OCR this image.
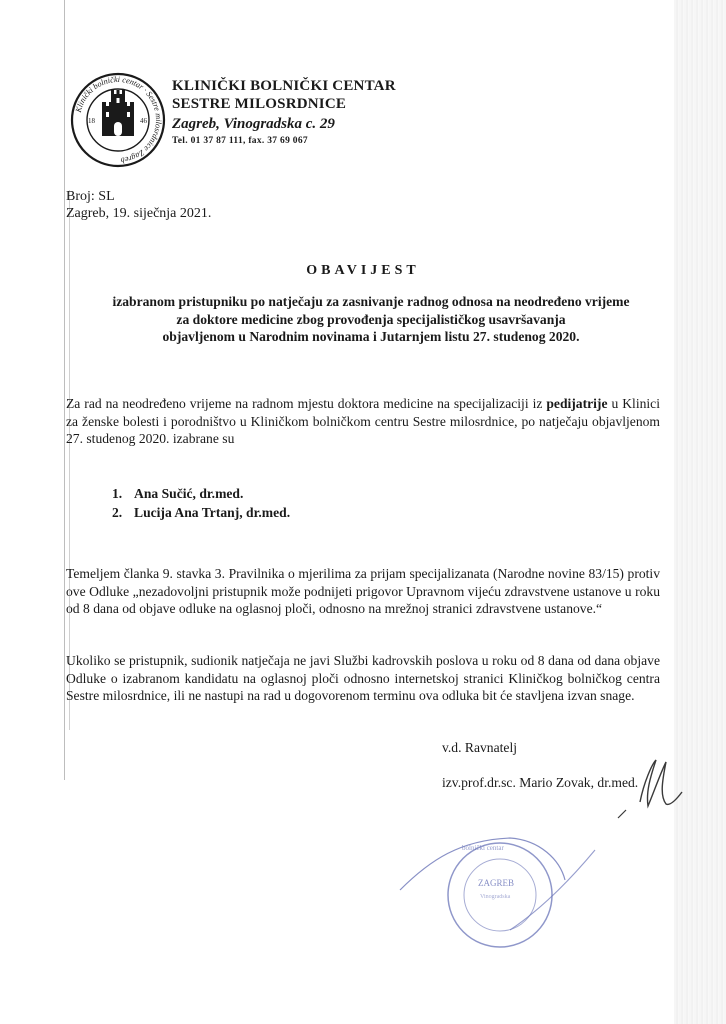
Klinički bolnički centar · Sestre milosrdnice Zagreb
18	46
KLINIČKI BOLNIČKI CENTAR
SESTRE MILOSRDNICE
Zagreb, Vinogradska c. 29
Tel. 01 37 87 111, fax. 37 69 067
Broj: SL
Zagreb, 19. siječnja 2021.
OBAVIJEST
izabranom pristupniku po natječaju za zasnivanje radnog odnosa na neodređeno vrijeme
za doktore medicine zbog provođenja specijalističkog usavršavanja
objavljenom u Narodnim novinama i Jutarnjem listu 27. studenog 2020.
Za rad na neodređeno vrijeme na radnom mjestu doktora medicine na specijalizaciji iz pedijatrije u Klinici za ženske bolesti i porodništvo u Kliničkom bolničkom centru Sestre milosrdnice, po natječaju objavljenom 27. studenog 2020. izabrane su
1. Ana Sučić, dr.med.
2. Lucija Ana Trtanj, dr.med.
Temeljem članka 9. stavka 3. Pravilnika o mjerilima za prijam specijalizanata (Narodne novine 83/15) protiv ove Odluke „nezadovoljni pristupnik može podnijeti prigovor Upravnom vijeću zdravstvene ustanove u roku od 8 dana od objave odluke na oglasnoj ploči, odnosno na mrežnoj stranici zdravstvene ustanove.“
Ukoliko se pristupnik, sudionik natječaja ne javi Službi kadrovskih poslova u roku od 8 dana od dana objave Odluke o izabranom kandidatu na oglasnoj ploči odnosno internetskoj stranici Kliničkog bolničkog centra Sestre milosrdnice, ili ne nastupi na rad u dogovorenom terminu ova odluka bit će stavljena izvan snage.
v.d. Ravnatelj
izv.prof.dr.sc. Mario Zovak, dr.med.
ZAGREB
Vinogradska
bolnički centar
